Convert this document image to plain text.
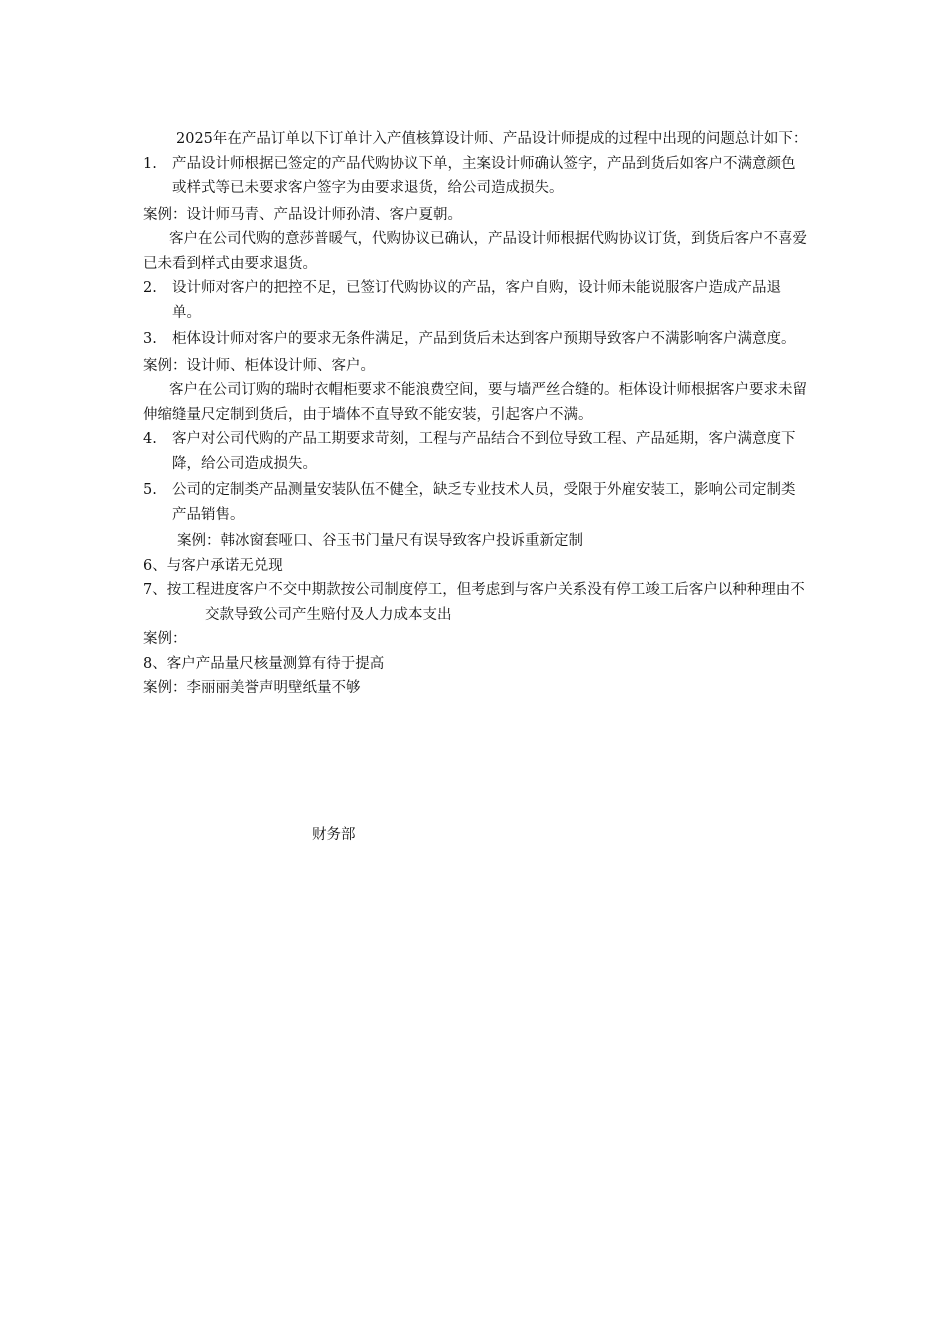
2025年在产品订单以下订单计入产值核算设计师、产品设计师提成的过程中出现的问题总计如下：

1.	产品设计师根据已签定的产品代购协议下单，主案设计师确认签字，产品到货后如客户不满意颜色或样式等已未要求客户签字为由要求退货，给公司造成损失。

案例：设计师马青、产品设计师孙清、客户夏朝。

客户在公司代购的意莎普暖气，代购协议已确认，产品设计师根据代购协议订货，到货后客户不喜爱已未看到样式由要求退货。

2.	设计师对客户的把控不足，已签订代购协议的产品，客户自购，设计师未能说服客户造成产品退单。
3.	柜体设计师对客户的要求无条件满足，产品到货后未达到客户预期导致客户不满影响客户满意度。

案例：设计师、柜体设计师、客户。

客户在公司订购的瑞时衣帽柜要求不能浪费空间，要与墙严丝合缝的。柜体设计师根据客户要求未留伸缩缝量尺定制到货后，由于墙体不直导致不能安装，引起客户不满。

4.	客户对公司代购的产品工期要求苛刻，工程与产品结合不到位导致工程、产品延期，客户满意度下降，给公司造成损失。
5.	公司的定制类产品测量安装队伍不健全，缺乏专业技术人员，受限于外雇安装工，影响公司定制类产品销售。

案例：韩冰窗套哑口、谷玉书门量尺有误导致客户投诉重新定制

6、与客户承诺无兑现

7、按工程进度客户不交中期款按公司制度停工，但考虑到与客户关系没有停工竣工后客户以种种理由不交款导致公司产生赔付及人力成本支出

案例：

8、客户产品量尺核量测算有待于提高

案例：李丽丽美誉声明壁纸量不够

财务部
